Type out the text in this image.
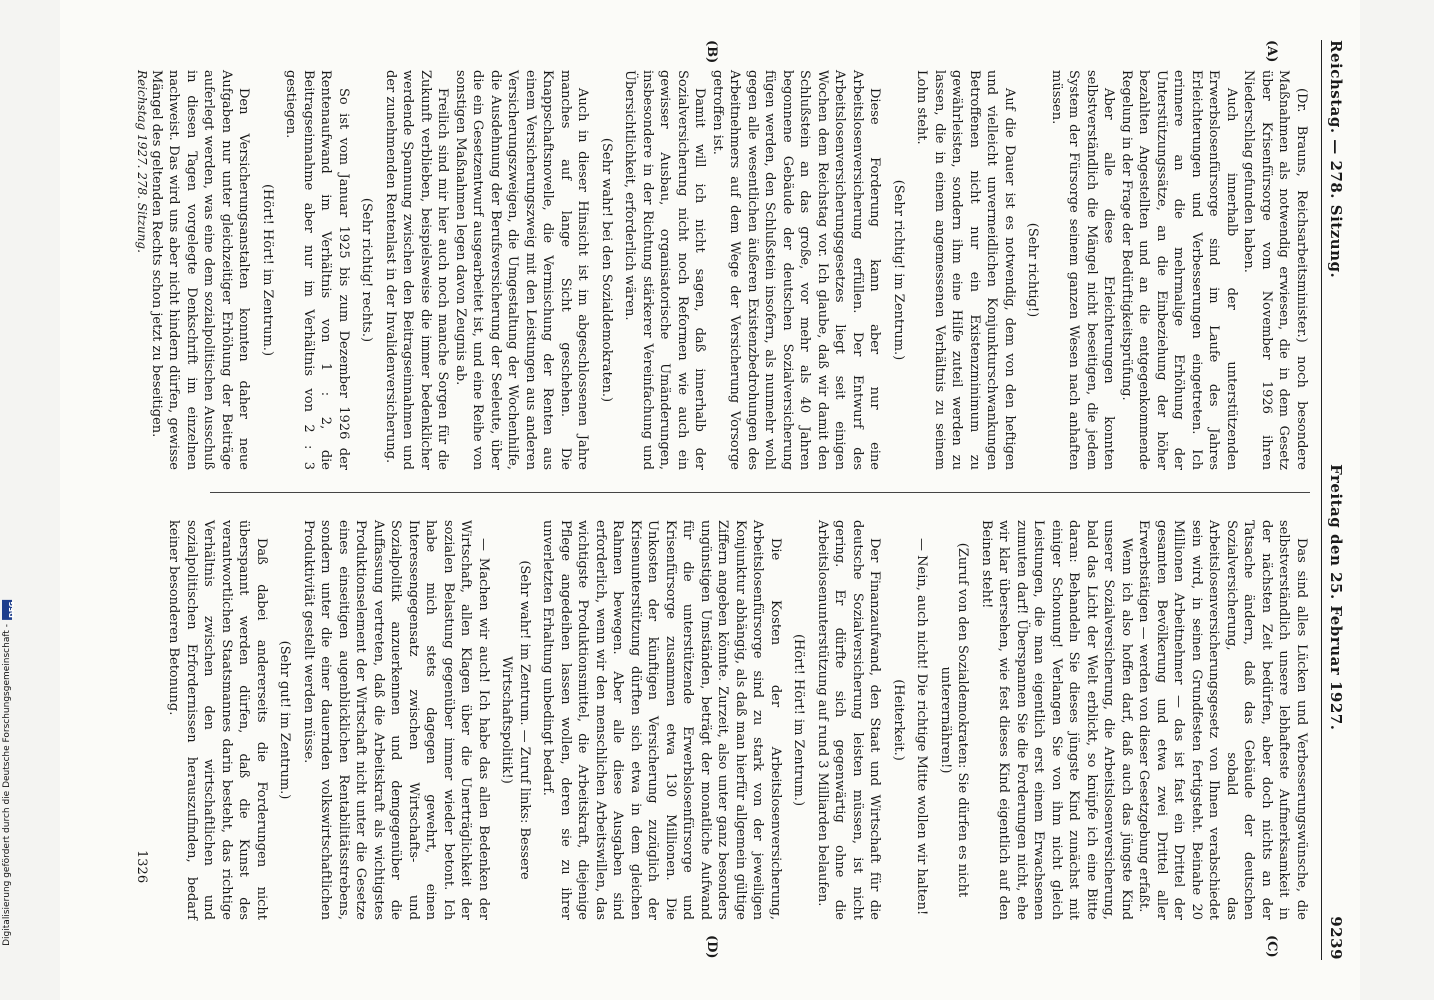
Digitalisierung gefördert durch die Deutsche Forschungsgemeinschaft -
DFG
Reichstag. — 278. Sitzung.
Freitag den 25. Februar 1927.
9239
(A)
(B)
(C)
(D)

(Dr. Brauns, Reichsarbeitsminister.) noch besondere Maßnahmen als notwendig erwiesen, die in dem Gesetz über Krisenfürsorge vom November 1926 ihren Niederschlag gefunden haben.

Auch innerhalb der unterstützenden Erwerbslosenfürsorge sind im Laufe des Jahres Erleichterungen und Verbesserungen eingetreten. Ich erinnere an die mehrmalige Erhöhung der Unterstützungssätze, an die Einbeziehung der höher bezahlten Angestellten und an die entgegenkommende Regelung in der Frage der Bedürftigkeitsprüfung.

Aber alle diese Erleichterungen konnten selbstverständlich die Mängel nicht beseitigen, die jedem System der Fürsorge seinem ganzen Wesen nach anhaften müssen.

(Sehr richtig!)

Auf die Dauer ist es notwendig, dem von den heftigen und vielleicht unvermeidlichen Konjunkturschwankungen Betroffenen nicht nur ein Existenzminimum zu gewährleisten, sondern ihm eine Hilfe zuteil werden zu lassen, die in einem angemessenen Verhältnis zu seinem Lohn steht.

(Sehr richtig! im Zentrum.)

Diese Forderung kann aber nur eine Arbeitslosenversicherung erfüllen. Der Entwurf des Arbeitslosenversicherungsgesetzes liegt seit einigen Wochen dem Reichstag vor. Ich glaube, daß wir damit den Schlußstein an das große, vor mehr als 40 Jahren begonnene Gebäude der deutschen Sozialversicherung fügen werden, den Schlußstein insofern, als nunmehr wohl gegen alle wesentlichen äußeren Existenzbedrohungen des Arbeitnehmers auf dem Wege der Versicherung Vorsorge getroffen ist.

Damit will ich nicht sagen, daß innerhalb der Sozialversicherung nicht noch Reformen wie auch ein gewisser Ausbau, organisatorische Umänderungen, insbesondere in der Richtung stärkerer Vereinfachung und Übersichtlichkeit, erforderlich wären.

(Sehr wahr! bei den Sozialdemokraten.)

Auch in dieser Hinsicht ist im abgeschlossenen Jahre manches auf lange Sicht geschehen. Die Knappschaftsnovelle, die Vermischung der Renten aus einem Versicherungszweig mit den Leistungen aus anderen Versicherungszweigen, die Umgestaltung der Wochenhilfe, die Ausdehnung der Berufsversicherung der Seeleute, über die ein Gesetzentwurf ausgearbeitet ist, und eine Reihe von sonstigen Maßnahmen legen davon Zeugnis ab.

Freilich sind mir hier auch noch manche Sorgen für die Zukunft verblieben, beispielsweise die immer bedenklicher werdende Spannung zwischen den Beitragseinnahmen und der zunehmenden Rentenlast in der Invalidenversicherung.

(Sehr richtig! rechts.)

So ist vom Januar 1925 bis zum Dezember 1926 der Rentenaufwand im Verhältnis von 1 : 2, die Beitragseinnahme aber nur im Verhältnis von 2 : 3 gestiegen.

(Hört! Hört! im Zentrum.)

Den Versicherungsanstalten konnten daher neue Aufgaben nur unter gleichzeitiger Erhöhung der Beiträge auferlegt werden, was eine dem sozialpolitischen Ausschuß in diesen Tagen vorgelegte Denkschrift im einzelnen nachweist. Das wird uns aber nicht hindern dürfen, gewisse Mängel des geltenden Rechts schon jetzt zu beseitigen.

Das sind alles Lücken und Verbesserungswünsche, die selbstverständlich unsere lebhafteste Aufmerksamkeit in der nächsten Zeit bedürfen, aber doch nichts an der Tatsache ändern, daß das Gebäude der deutschen Sozialversicherung, sobald das Arbeitslosenversicherungsgesetz von Ihnen verabschiedet sein wird, in seinen Grundfesten fertigsteht. Beinahe 20 Millionen Arbeitnehmer — das ist fast ein Drittel der gesamten Bevölkerung und etwa zwei Drittel aller Erwerbstätigen — werden von dieser Gesetzgebung erfaßt.

Wenn ich also hoffen darf, daß auch das jüngste Kind unserer Sozialversicherung, die Arbeitslosenversicherung, bald das Licht der Welt erblickt, so knüpfe ich eine Bitte daran: Behandeln Sie dieses jüngste Kind zunächst mit einiger Schonung! Verlangen Sie von ihm nicht gleich Leistungen, die man eigentlich erst einem Erwachsenen zumuten darf! Überspannen Sie die Forderungen nicht, ehe wir klar übersehen, wie fest dieses Kind eigentlich auf den Beinen steht!

(Zuruf von den Sozialdemokraten: Sie dürfen es nicht unterernähren!)

— Nein, auch nicht! Die richtige Mitte wollen wir halten!

(Heiterkeit.)

Der Finanzaufwand, den Staat und Wirtschaft für die deutsche Sozialversicherung leisten müssen, ist nicht gering. Er dürfte sich gegenwärtig ohne die Arbeitslosenunterstützung auf rund 3 Milliarden belaufen.

(Hört! Hört! im Zentrum.)

Die Kosten der Arbeitslosenversicherung, Arbeitslosenfürsorge sind zu stark von der jeweiligen Konjunktur abhängig, als daß man hierfür allgemein gültige Ziffern angeben könnte. Zurzeit, also unter ganz besonders ungünstigen Umständen, beträgt der monatliche Aufwand für die unterstützende Erwerbslosenfürsorge und Krisenfürsorge zusammen etwa 130 Millionen. Die Unkosten der künftigen Versicherung zuzüglich der Krisenunterstützung dürften sich etwa in dem gleichen Rahmen bewegen. Aber alle diese Ausgaben sind erforderlich, wenn wir den menschlichen Arbeitswillen, das wichtigste Produktionsmittel, die Arbeitskraft, diejenige Pflege angedeihen lassen wollen, deren sie zu ihrer unverletzten Erhaltung unbedingt bedarf.

(Sehr wahr! im Zentrum. — Zuruf links: Bessere Wirtschaftspolitik!)

— Machen wir auch! Ich habe das allen Bedenken der Wirtschaft, allen Klagen über die Unerträglichkeit der sozialen Belastung gegenüber immer wieder betont. Ich habe mich stets dagegen gewehrt, einen Interessengegensatz zwischen Wirtschafts- und Sozialpolitik anzuerkennen und demgegenüber die Auffassung vertreten, daß die Arbeitskraft als wichtigstes Produktionselement der Wirtschaft nicht unter die Gesetze eines einseitigen augenblicklichen Rentabilitätsstrebens, sondern unter die einer dauernden volkswirtschaftlichen Produktivität gestellt werden müsse.

(Sehr gut! im Zentrum.)

Daß dabei andererseits die Forderungen nicht überspannt werden dürfen, daß die Kunst des verantwortlichen Staatsmannes darin besteht, das richtige Verhältnis zwischen den wirtschaftlichen und sozialpolitischen Erfordernissen herauszufinden, bedarf keiner besonderen Betonung.

Reichstag 1927. 278. Sitzung.
1326
